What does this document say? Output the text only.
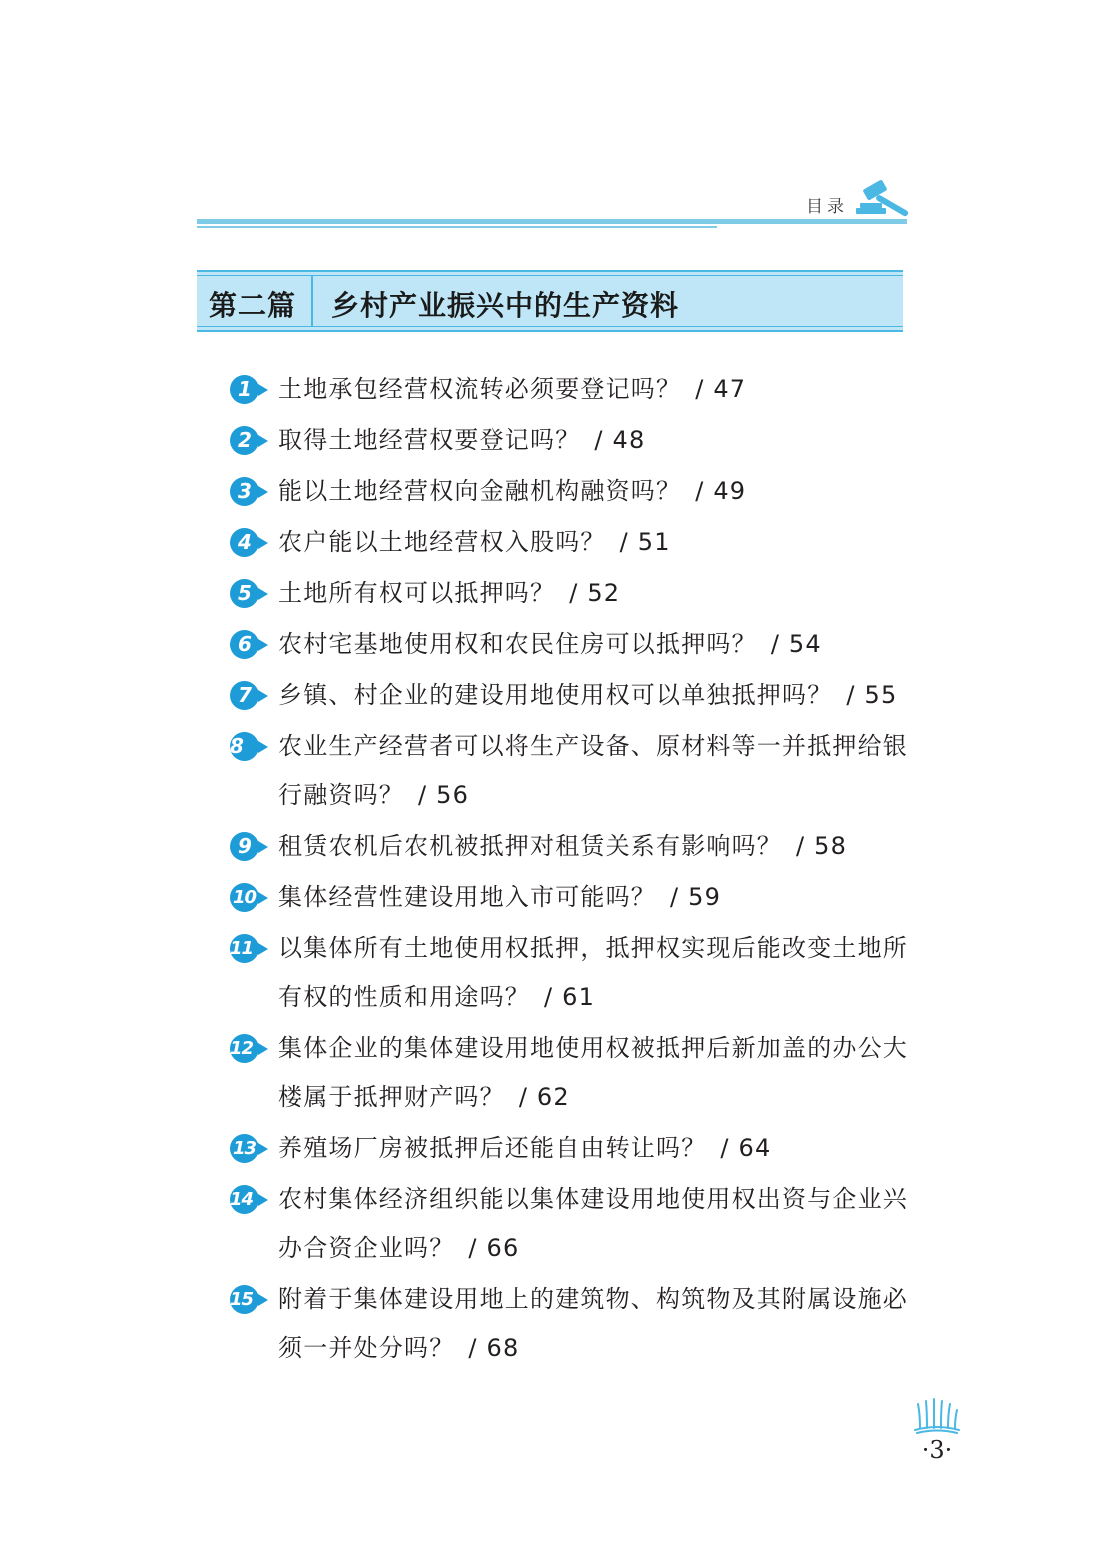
目录
第二篇 乡村产业振兴中的生产资料
1	土地承包经营权流转必须要登记吗？ / 47
2	取得土地经营权要登记吗？ / 48
3	能以土地经营权向金融机构融资吗？ / 49
4	农户能以土地经营权入股吗？ / 51
5	土地所有权可以抵押吗？ / 52
6	农村宅基地使用权和农民住房可以抵押吗？ / 54
7	乡镇、村企业的建设用地使用权可以单独抵押吗？ / 55
8	农业生产经营者可以将生产设备、原材料等一并抵押给银行融资吗？ / 56
9	租赁农机后农机被抵押对租赁关系有影响吗？ / 58
10 集体经营性建设用地入市可能吗？ / 59
11 以集体所有土地使用权抵押，抵押权实现后能改变土地所有权的性质和用途吗？ / 61
12 集体企业的集体建设用地使用权被抵押后新加盖的办公大楼属于抵押财产吗？ / 62
13 养殖场厂房被抵押后还能自由转让吗？ / 64
14 农村集体经济组织能以集体建设用地使用权出资与企业兴办合资企业吗？ / 66
15 附着于集体建设用地上的建筑物、构筑物及其附属设施必须一并处分吗？ / 68
·3·
